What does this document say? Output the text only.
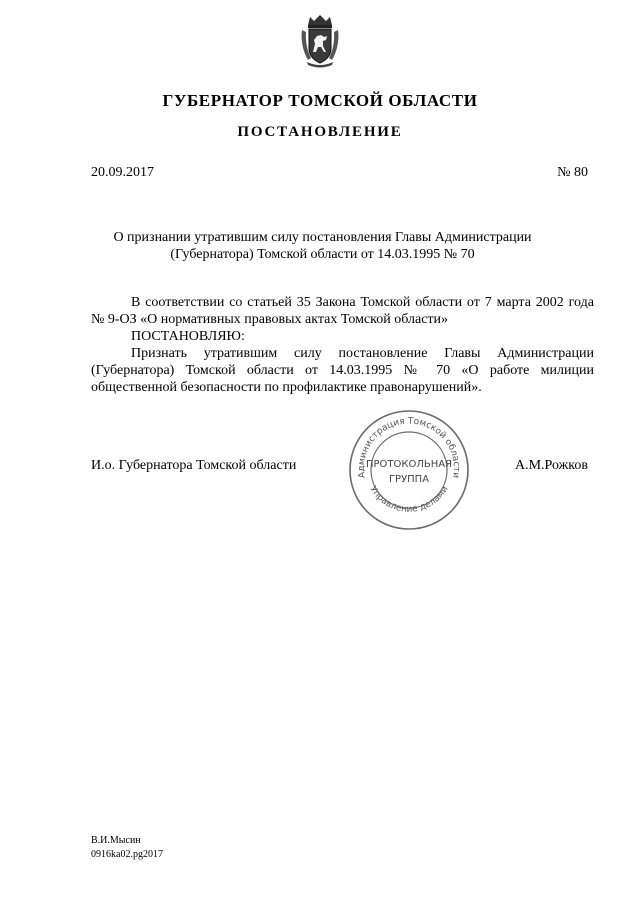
ГУБЕРНАТОР ТОМСКОЙ ОБЛАСТИ
ПОСТАНОВЛЕНИЕ
20.09.2017	№ 80
О признании утратившим силу постановления Главы Администрации
(Губернатора) Томской области от 14.03.1995 № 70

В соответствии со статьей 35 Закона Томской области от 7 марта 2002 года № 9-ОЗ «О нормативных правовых актах Томской области»

ПОСТАНОВЛЯЮ:

Признать утратившим силу постановление Главы Администрации (Губернатора) Томской области от 14.03.1995 № 70 «О работе милиции общественной безопасности по профилактике правонарушений».

И.о. Губернатора Томской области	А.М.Рожков
Администрация Томской области
Управление делами
ПРОТОКОЛЬНАЯ
ГРУППА
В.И.Мысин
0916ka02.pg2017
